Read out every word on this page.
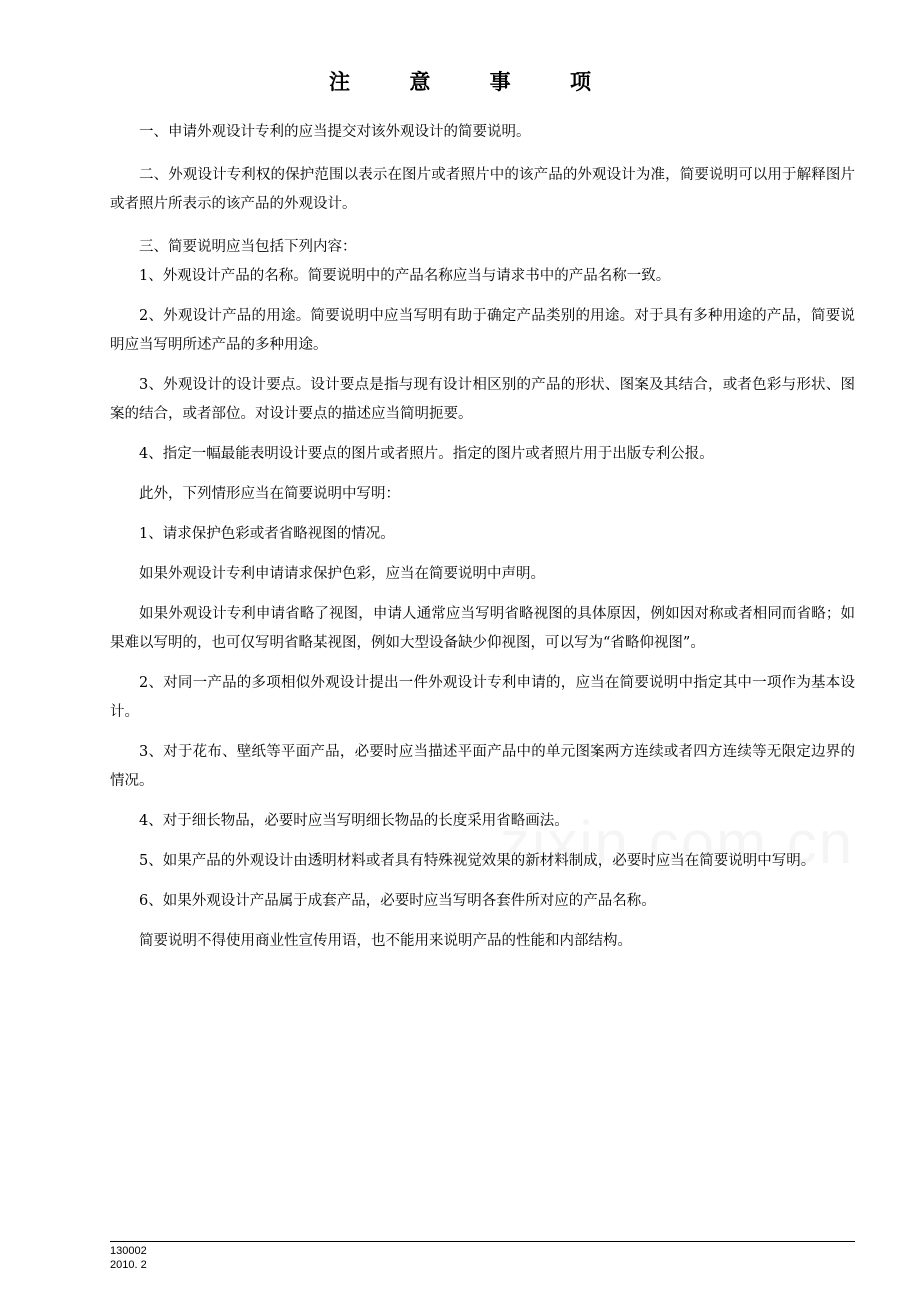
注 意 事 项

一、申请外观设计专利的应当提交对该外观设计的简要说明。

二、外观设计专利权的保护范围以表示在图片或者照片中的该产品的外观设计为准，简要说明可以用于解释图片或者照片所表示的该产品的外观设计。

三、简要说明应当包括下列内容：

1、外观设计产品的名称。简要说明中的产品名称应当与请求书中的产品名称一致。

2、外观设计产品的用途。简要说明中应当写明有助于确定产品类别的用途。对于具有多种用途的产品，简要说明应当写明所述产品的多种用途。

3、外观设计的设计要点。设计要点是指与现有设计相区别的产品的形状、图案及其结合，或者色彩与形状、图案的结合，或者部位。对设计要点的描述应当简明扼要。

4、指定一幅最能表明设计要点的图片或者照片。指定的图片或者照片用于出版专利公报。

此外，下列情形应当在简要说明中写明：

1、请求保护色彩或者省略视图的情况。

如果外观设计专利申请请求保护色彩，应当在简要说明中声明。

如果外观设计专利申请省略了视图，申请人通常应当写明省略视图的具体原因，例如因对称或者相同而省略；如果难以写明的，也可仅写明省略某视图，例如大型设备缺少仰视图，可以写为“省略仰视图”。

2、对同一产品的多项相似外观设计提出一件外观设计专利申请的，应当在简要说明中指定其中一项作为基本设计。

3、对于花布、壁纸等平面产品，必要时应当描述平面产品中的单元图案两方连续或者四方连续等无限定边界的情况。

4、对于细长物品，必要时应当写明细长物品的长度采用省略画法。

5、如果产品的外观设计由透明材料或者具有特殊视觉效果的新材料制成，必要时应当在简要说明中写明。

6、如果外观设计产品属于成套产品，必要时应当写明各套件所对应的产品名称。

简要说明不得使用商业性宣传用语，也不能用来说明产品的性能和内部结构。

130002
2010. 2
